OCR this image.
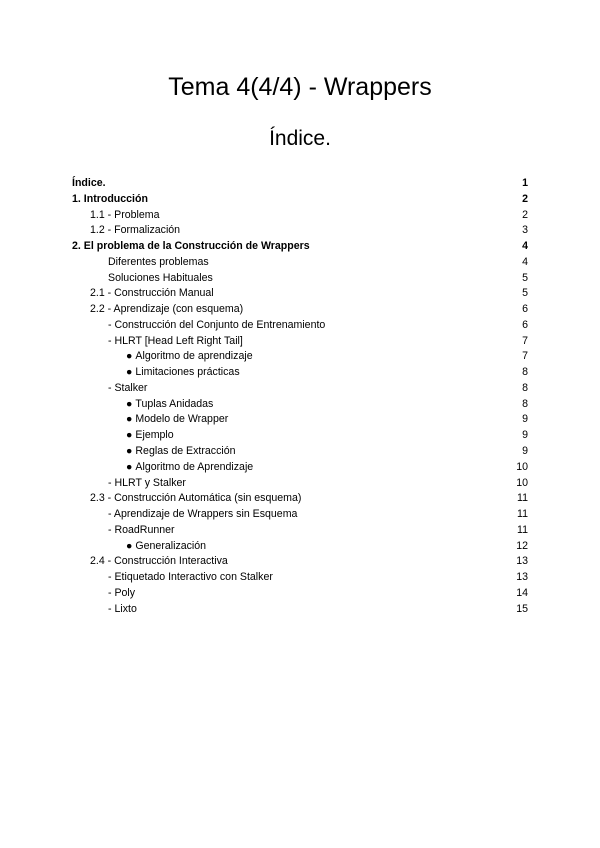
Tema 4(4/4) - Wrappers
Índice.
Índice.	1
1. Introducción	2
1.1 - Problema	2
1.2 - Formalización	3
2. El problema de la Construcción de Wrappers	4
Diferentes problemas	4
Soluciones Habituales	5
2.1 - Construcción Manual	5
2.2 - Aprendizaje (con esquema)	6
- Construcción del Conjunto de Entrenamiento	6
- HLRT [Head Left Right Tail]	7
● Algoritmo de aprendizaje	7
● Limitaciones prácticas	8
- Stalker	8
● Tuplas Anidadas	8
● Modelo de Wrapper	9
● Ejemplo	9
● Reglas de Extracción	9
● Algoritmo de Aprendizaje	10
- HLRT y Stalker	10
2.3 - Construcción Automática (sin esquema)	11
- Aprendizaje de Wrappers sin Esquema	11
- RoadRunner	11
● Generalización	12
2.4 - Construcción Interactiva	13
- Etiquetado Interactivo con Stalker	13
- Poly	14
- Lixto	15
